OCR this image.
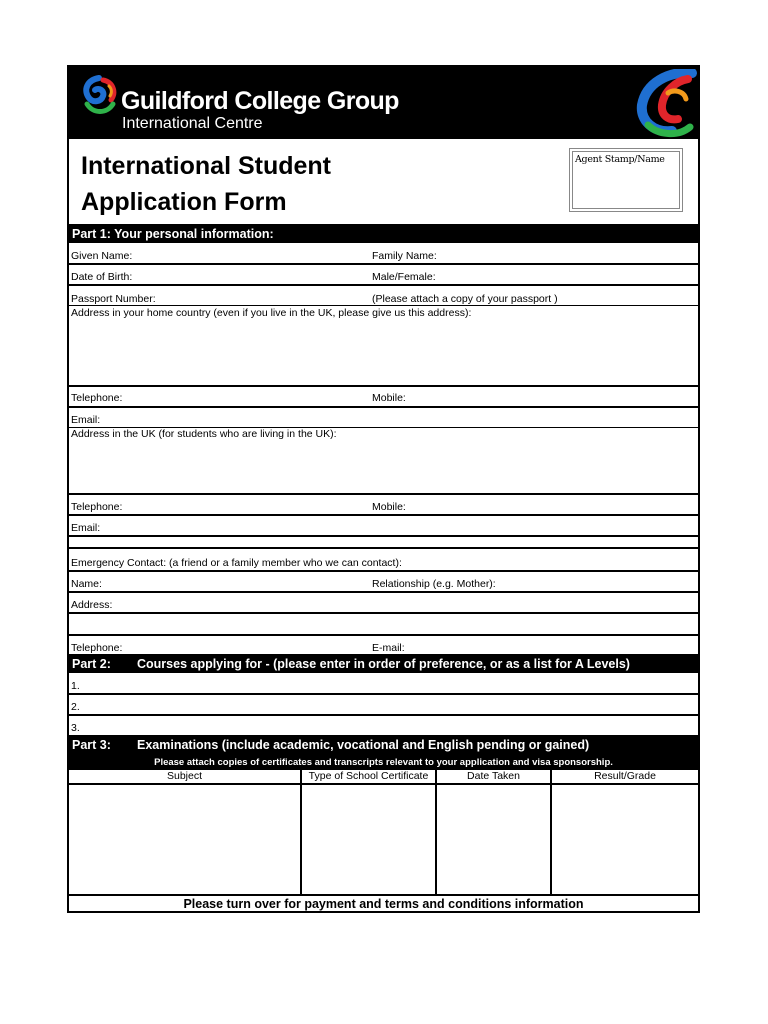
Guildford College Group
International Centre
International Student
Application Form
Agent Stamp/Name
Part 1: Your personal information:
Given Name:	Family Name:
Date of Birth:	Male/Female:
Passport Number:	(Please attach a copy of your passport )
Address in your home country (even if you live in the UK, please give us this address):
Telephone:	Mobile:
Email:
Address in the UK (for students who are living in the UK):
Telephone:	Mobile:
Email:
Emergency Contact: (a friend or a family member who we can contact):
Name:	Relationship (e.g. Mother):
Address:
Telephone:	E-mail:
Part 2: Courses applying for - (please enter in order of preference, or as a list for A Levels)
1.
2.
3.
Part 3: Examinations (include academic, vocational and English pending or gained)
Please attach copies of certificates and transcripts relevant to your application and visa sponsorship.
Subject	Type of School Certificate	Date Taken	Result/Grade
Please turn over for payment and terms and conditions information
